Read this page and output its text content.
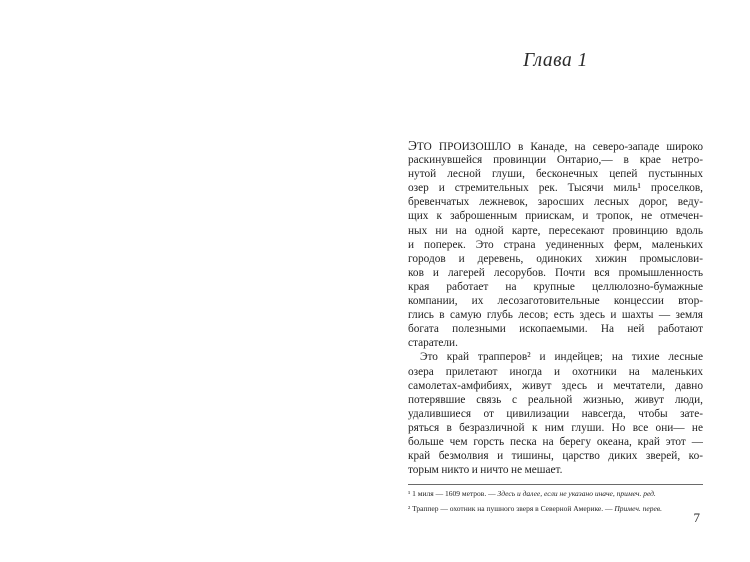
Глава 1
ЭТО ПРОИЗОШЛО в Канаде, на северо-западе широко
раскинувшейся провинции Онтарио,— в крае нетро-
нутой лесной глуши, бесконечных цепей пустынных
озер и стремительных рек. Тысячи миль¹ проселков,
бревенчатых лежневок, заросших лесных дорог, веду-
щих к заброшенным приискам, и тропок, не отмечен-
ных ни на одной карте, пересекают провинцию вдоль
и поперек. Это страна уединенных ферм, маленьких
городов и деревень, одиноких хижин промыслови-
ков и лагерей лесорубов. Почти вся промышленность
края работает на крупные целлюлозно-бумажные
компании, их лесозаготовительные концессии втор-
глись в самую глубь лесов; есть здесь и шахты — земля
богата полезными ископаемыми. На ней работают
старатели.
Это край трапперов² и индейцев; на тихие лесные
озера прилетают иногда и охотники на маленьких
самолетах-амфибиях, живут здесь и мечтатели, давно
потерявшие связь с реальной жизнью, живут люди,
удалившиеся от цивилизации навсегда, чтобы зате-
ряться в безразличной к ним глуши. Но все они— не
больше чем горсть песка на берегу океана, край этот —
край безмолвия и тишины, царство диких зверей, ко-
торым никто и ничто не мешает.
¹ 1 миля — 1609 метров. — Здесь и далее, если не указано иначе, примеч. ред.
² Траппер — охотник на пушного зверя в Северной Америке. — Примеч. перев.
7
